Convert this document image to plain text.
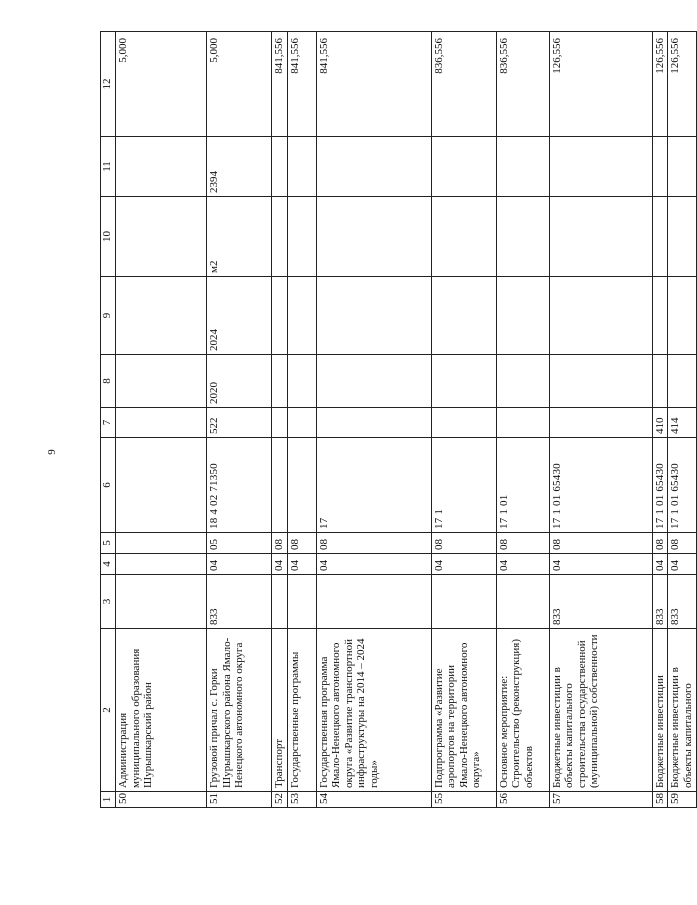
9
1	2	3	4	5	6	7	8	9	10	11	12
50	Администрация муниципального образования Шурышкарский район										5,000
51	Грузовой причал с. Горки Шурышкарского района Ямало-Ненецкого автономного округа	833	04	05	18 4 02 71350	522	2020	2024	м2	2394	5,000
52	Транспорт		04	08							841,556
53	Государственные программы		04	08							841,556
54	Государственная программа Ямало-Ненецкого автономного округа «Развитие транспортной инфраструктуры на 2014 – 2024 годы»		04	08	17						841,556
55	Подпрограмма «Развитие аэропортов на территории Ямало-Ненецкого автономного округа»		04	08	17 1						836,556
56	Основное мероприятие: Строительство (реконструкция) объектов		04	08	17 1 01						836,556
57	Бюджетные инвестиции в объекты капитального строительства государственной (муниципальной) собственности	833	04	08	17 1 01 65430						126,556
58	Бюджетные инвестиции	833	04	08	17 1 01 65430	410					126,556
59	Бюджетные инвестиции в объекты капитального	833	04	08	17 1 01 65430	414					126,556
